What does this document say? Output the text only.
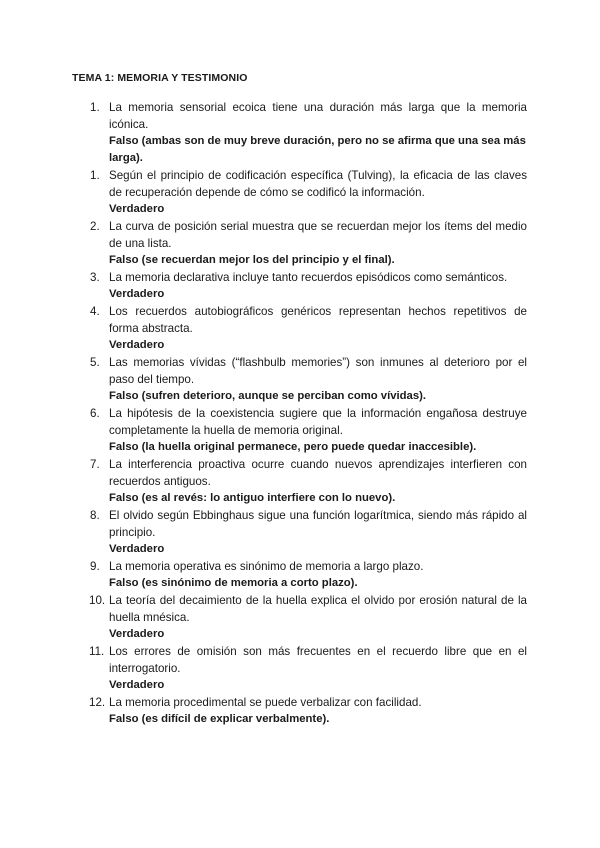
TEMA 1: MEMORIA Y TESTIMONIO
1. La memoria sensorial ecoica tiene una duración más larga que la memoria icónica.

Falso (ambas son de muy breve duración, pero no se afirma que una sea más larga).

1. Según el principio de codificación específica (Tulving), la eficacia de las claves de recuperación depende de cómo se codificó la información.

Verdadero

2. La curva de posición serial muestra que se recuerdan mejor los ítems del medio de una lista.

Falso (se recuerdan mejor los del principio y el final).

3. La memoria declarativa incluye tanto recuerdos episódicos como semánticos.

Verdadero

4. Los recuerdos autobiográficos genéricos representan hechos repetitivos de forma abstracta.

Verdadero

5. Las memorias vívidas (“flashbulb memories”) son inmunes al deterioro por el paso del tiempo.

Falso (sufren deterioro, aunque se perciban como vívidas).

6. La hipótesis de la coexistencia sugiere que la información engañosa destruye completamente la huella de memoria original.

Falso (la huella original permanece, pero puede quedar inaccesible).

7. La interferencia proactiva ocurre cuando nuevos aprendizajes interfieren con recuerdos antiguos.

Falso (es al revés: lo antiguo interfiere con lo nuevo).

8. El olvido según Ebbinghaus sigue una función logarítmica, siendo más rápido al principio.

Verdadero

9. La memoria operativa es sinónimo de memoria a largo plazo.

Falso (es sinónimo de memoria a corto plazo).

10. La teoría del decaimiento de la huella explica el olvido por erosión natural de la huella mnésica.

Verdadero

11. Los errores de omisión son más frecuentes en el recuerdo libre que en el interrogatorio.

Verdadero

12. La memoria procedimental se puede verbalizar con facilidad.

Falso (es difícil de explicar verbalmente).
